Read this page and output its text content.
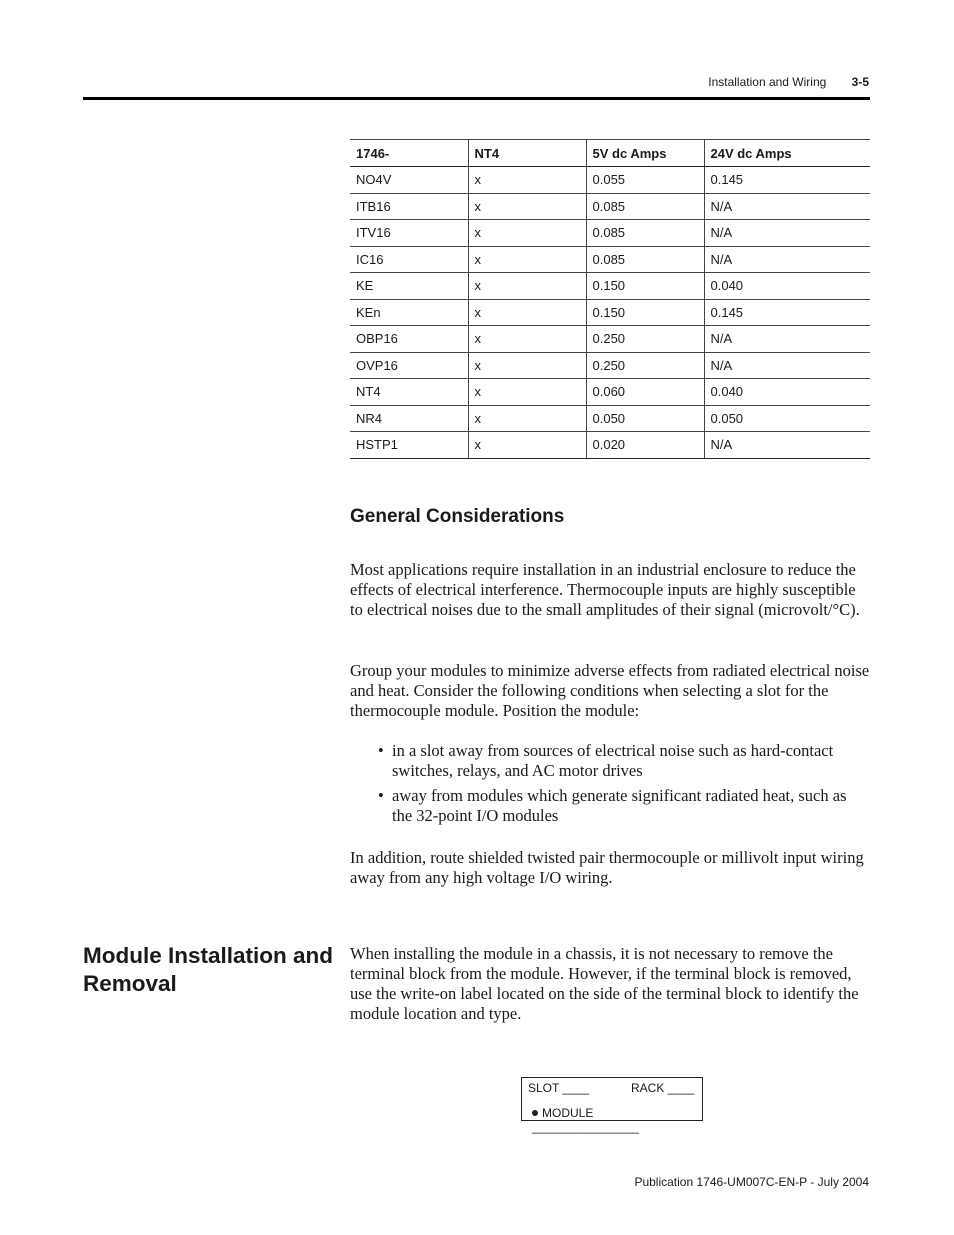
Installation and Wiring 3-5
1746-	NT4	5V dc Amps	24V dc Amps
NO4V	x	0.055	0.145
ITB16	x	0.085	N/A
ITV16	x	0.085	N/A
IC16	x	0.085	N/A
KE	x	0.150	0.040
KEn	x	0.150	0.145
OBP16	x	0.250	N/A
OVP16	x	0.250	N/A
NT4	x	0.060	0.040
NR4	x	0.050	0.050
HSTP1	x	0.020	N/A
General Considerations

Most applications require installation in an industrial enclosure to reduce the effects of electrical interference. Thermocouple inputs are highly susceptible to electrical noises due to the small amplitudes of their signal (microvolt/°C).

Group your modules to minimize adverse effects from radiated electrical noise and heat. Consider the following conditions when selecting a slot for the thermocouple module. Position the module:

• in a slot away from sources of electrical noise such as hard-contact switches, relays, and AC motor drives
• away from modules which generate significant radiated heat, such as the 32-point I/O modules

In addition, route shielded twisted pair thermocouple or millivolt input wiring away from any high voltage I/O wiring.

Module Installation and Removal

When installing the module in a chassis, it is not necessary to remove the terminal block from the module. However, if the terminal block is removed, use the write-on label located on the side of the terminal block to identify the module location and type.

SLOT ____	RACK ____
MODULE ________________
Publication 1746-UM007C-EN-P - July 2004
